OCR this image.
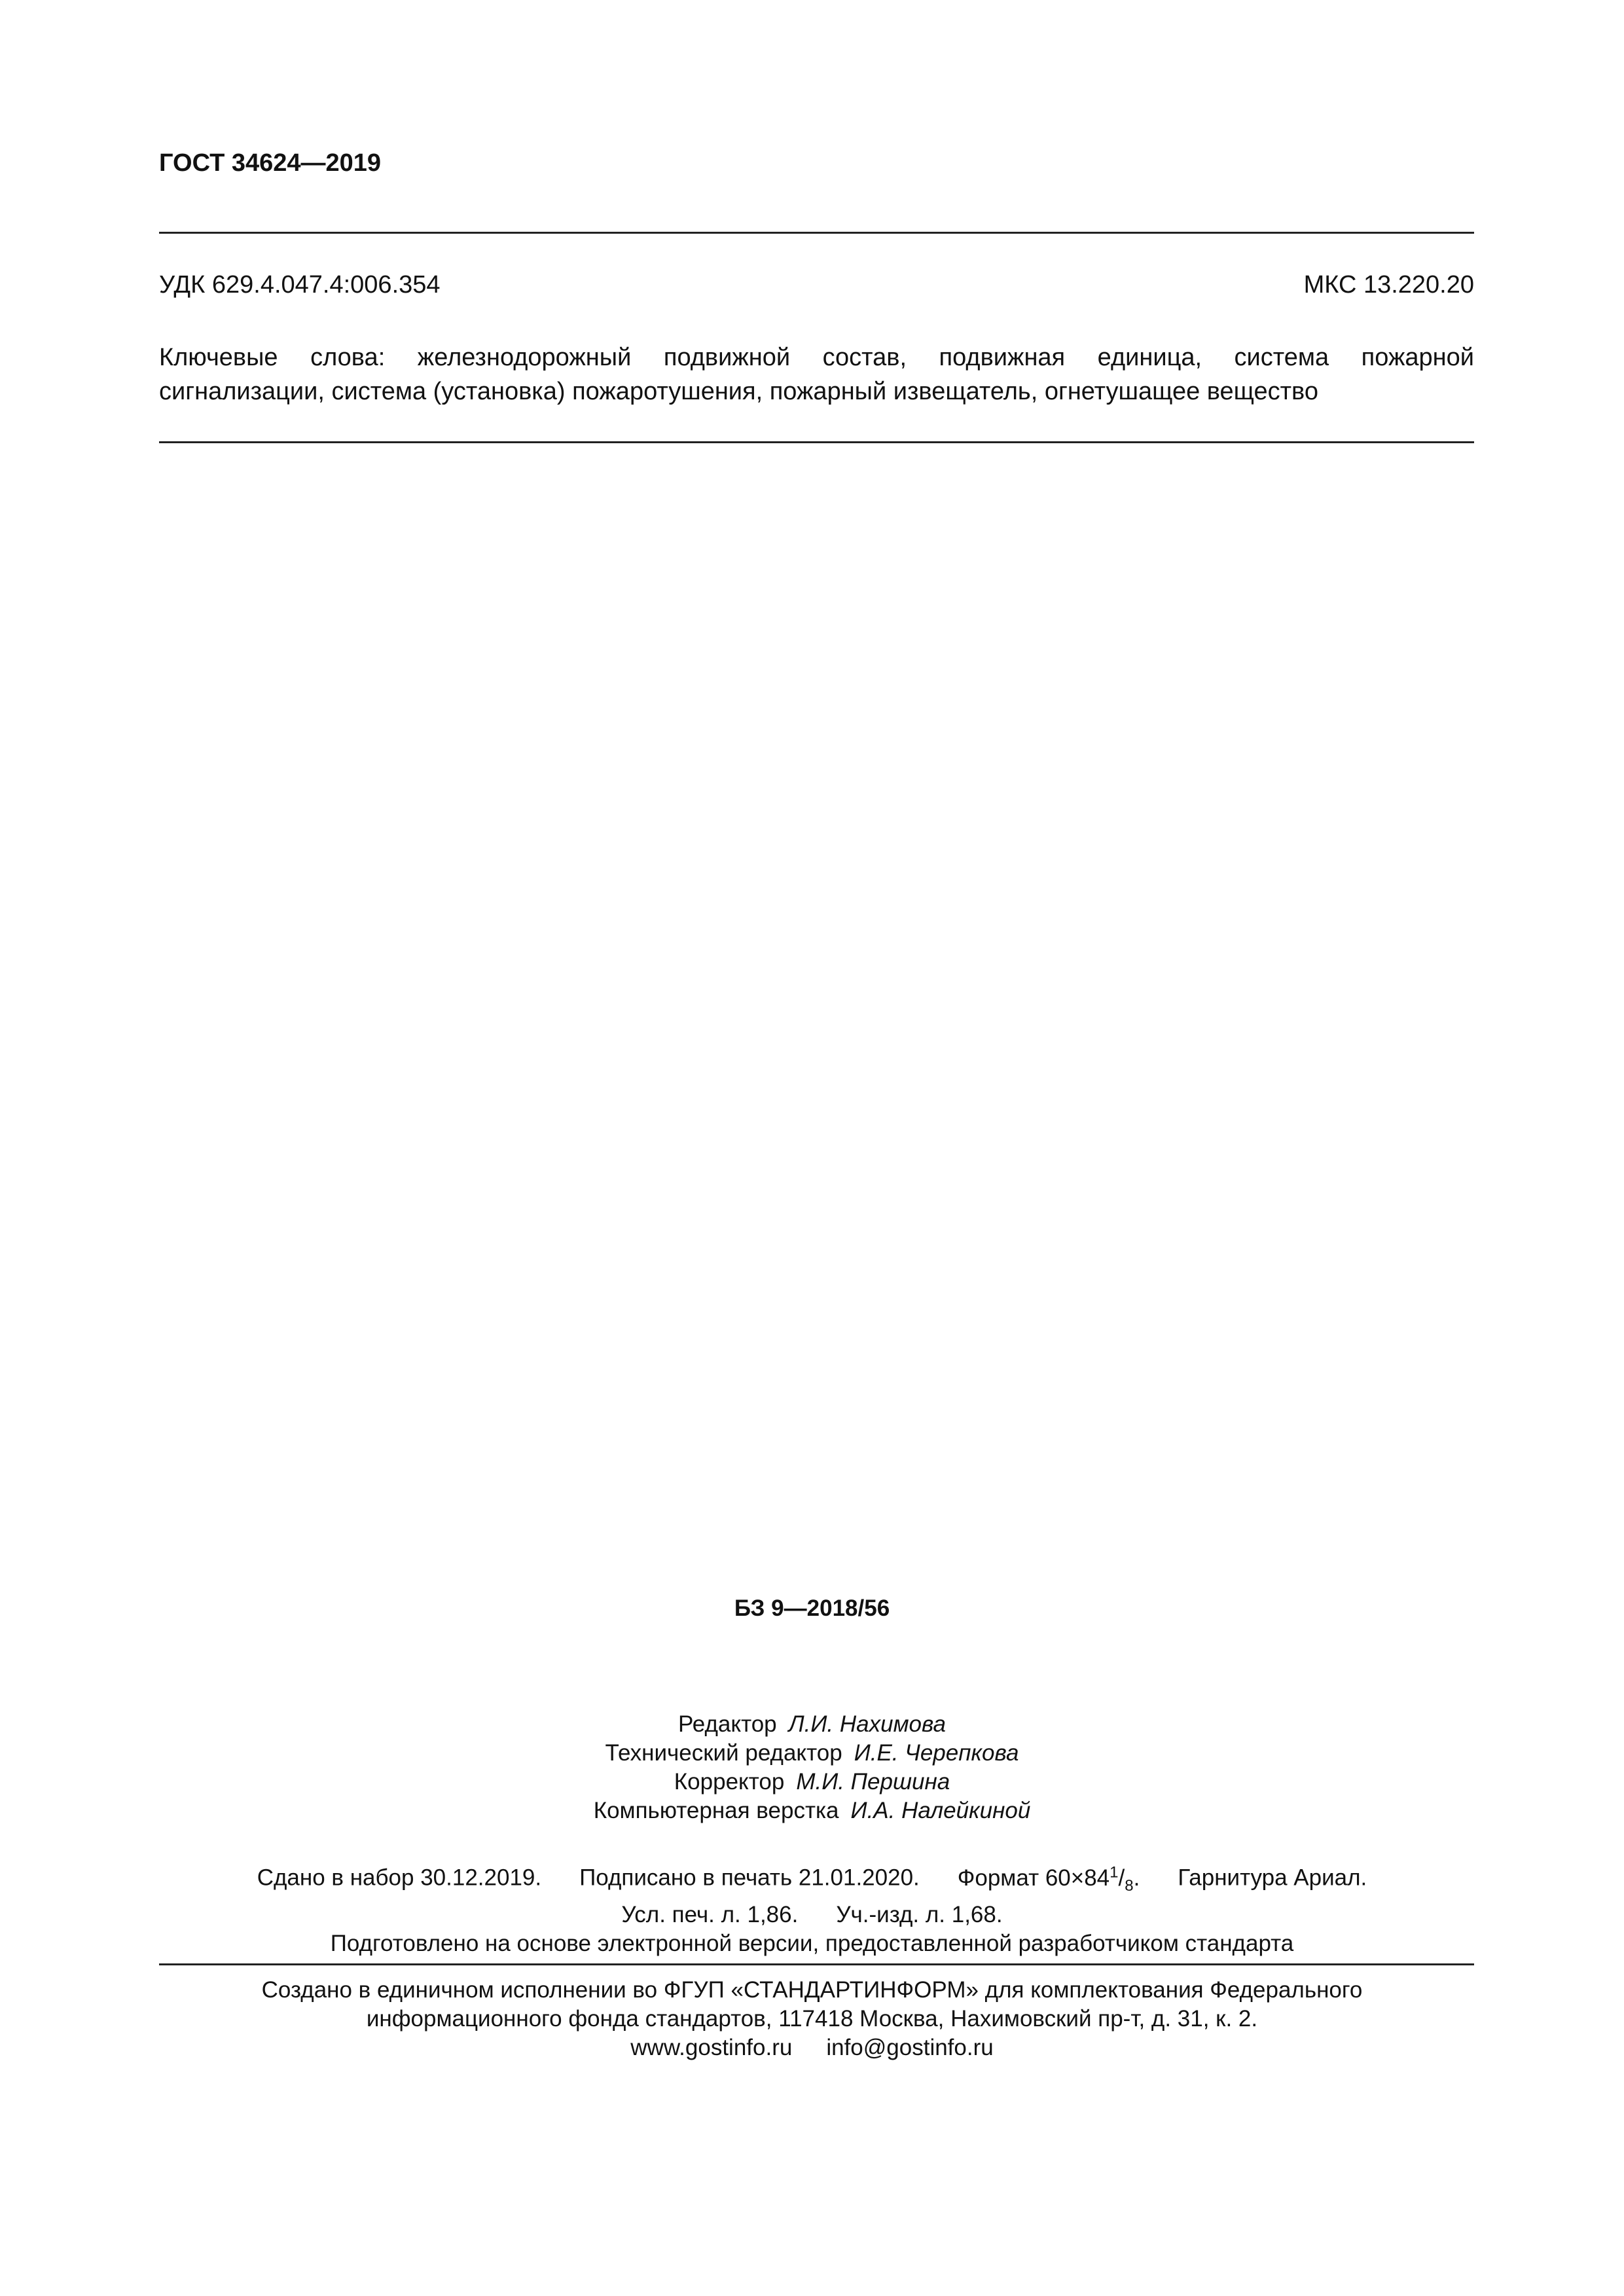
ГОСТ 34624—2019
УДК 629.4.047.4:006.354	МКС 13.220.20
Ключевые слова: железнодорожный подвижной состав, подвижная единица, система пожарной
сигнализации, система (установка) пожаротушения, пожарный извещатель, огнетушащее вещество
БЗ 9—2018/56
Редактор Л.И. Нахимова
Технический редактор И.Е. Черепкова
Корректор М.И. Першина
Компьютерная верстка И.А. Налейкиной
Сдано в набор 30.12.2019. Подписано в печать 21.01.2020. Формат $60\times 84^1/_8$. Гарнитура Ариал.
Усл. печ. л. 1,86. Уч.-изд. л. 1,68.
Подготовлено на основе электронной версии, предоставленной разработчиком стандарта
Создано в единичном исполнении во ФГУП «СТАНДАРТИНФОРМ» для комплектования Федерального
информационного фонда стандартов, 117418 Москва, Нахимовский пр-т, д. 31, к. 2.
www.gostinfo.ru info@gostinfo.ru
